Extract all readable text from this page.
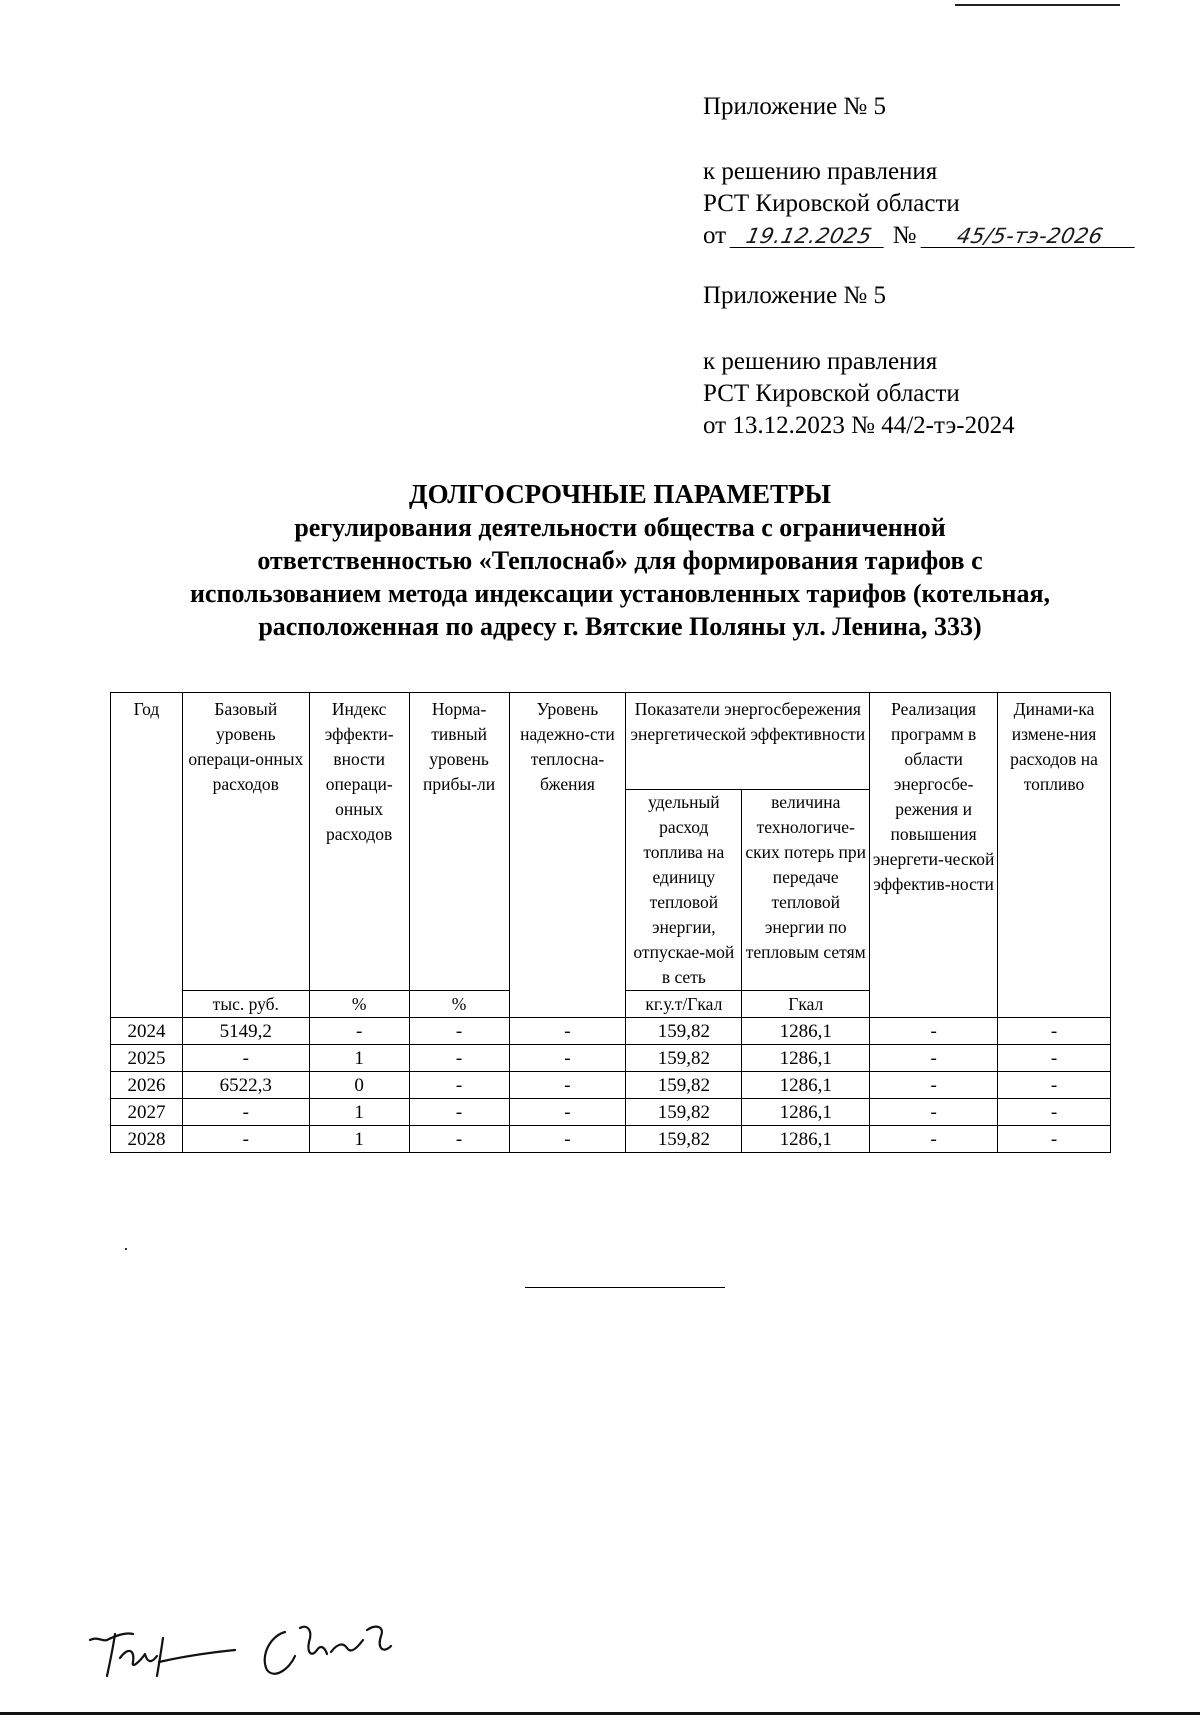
Приложение № 5

к решению правления

РСТ Кировской области

от 19.12.2025 № 45/5-тэ-2026

Приложение № 5

к решению правления

РСТ Кировской области

от 13.12.2023 № 44/2-тэ-2024

ДОЛГОСРОЧНЫЕ ПАРАМЕТРЫ
регулирования деятельности общества с ограниченной
ответственностью «Теплоснаб» для формирования тарифов с
использованием метода индексации установленных тарифов (котельная,
расположенная по адресу г. Вятские Поляны ул. Ленина, 333)
Год	Базовый уровень операци-онных расходов	Индекс эффекти-вности операци-онных расходов	Норма-тивный уровень прибы-ли	Уровень надежно-сти теплосна-бжения	Показатели энергосбережения энергетической эффективности		Реализация программ в области энергосбе-режения и повышения энергети-ческой эффектив-ности	Динами-ка измене-ния расходов на топливо
					удельный расход топлива на единицу тепловой энергии, отпускае-мой в сеть	величина технологиче-ских потерь при передаче тепловой энергии по тепловым сетям		
	тыс. руб.	%	%		кг.у.т/Гкал	Гкал		
2024	5149,2	-	-	-	159,82	1286,1	-	-
2025	-	1	-	-	159,82	1286,1	-	-
2026	6522,3	0	-	-	159,82	1286,1	-	-
2027	-	1	-	-	159,82	1286,1	-	-
2028	-	1	-	-	159,82	1286,1	-	-
